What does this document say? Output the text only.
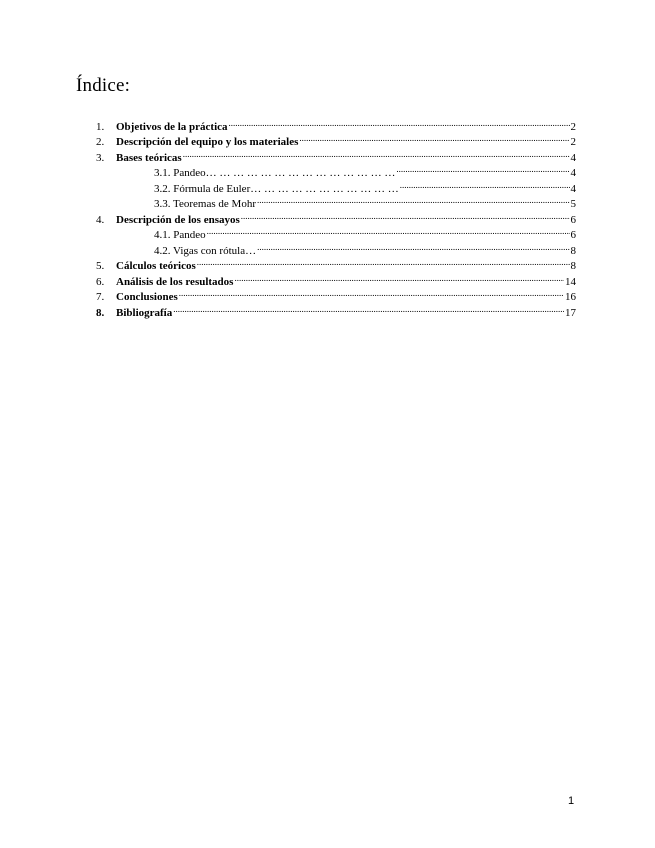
Índice:
1.	Objetivos de la práctica .....	2
2.	Descripción del equipo y los materiales .....	2
3.	Bases teóricas .....	4
3.1. Pandeo… … … … … … … … … … … … … … .....	4
3.2. Fórmula de Euler… … … … … … … … … … … .....	4
3.3. Teoremas de Mohr .....	5
4.	Descripción de los ensayos .....	6
4.1. Pandeo .....	6
4.2. Vigas con rótula… .....	8
5.	Cálculos teóricos .....	8
6.	Análisis de los resultados .....	14
7.	Conclusiones .....	16
8.	Bibliografía .....	17
1
